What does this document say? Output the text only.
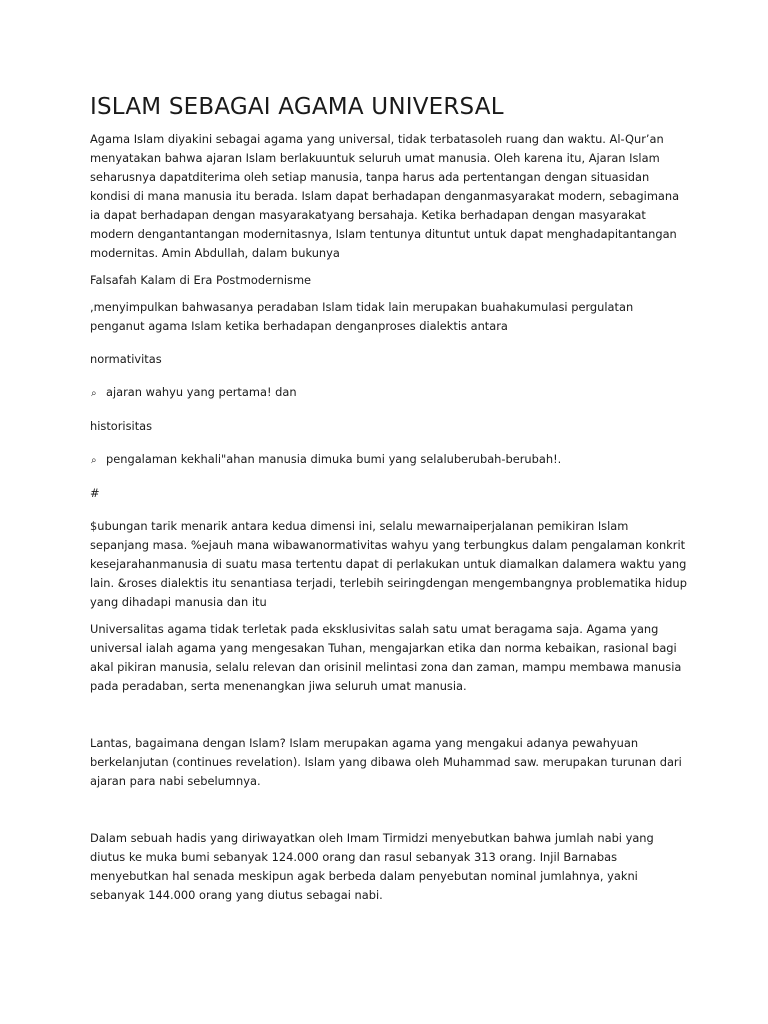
ISLAM SEBAGAI AGAMA UNIVERSAL

Agama Islam diyakini sebagai agama yang universal, tidak terbatasoleh ruang dan waktu. Al-Qur’an menyatakan bahwa ajaran Islam berlakuuntuk seluruh umat manusia. Oleh karena itu, Ajaran Islam seharusnya dapatditerima oleh setiap manusia, tanpa harus ada pertentangan dengan situasidan kondisi di mana manusia itu berada. Islam dapat berhadapan denganmasyarakat modern, sebagimana ia dapat berhadapan dengan masyarakatyang bersahaja. Ketika berhadapan dengan masyarakat modern dengantantangan modernitasnya, Islam tentunya dituntut untuk dapat menghadapitantangan modernitas. Amin Abdullah, dalam bukunya

Falsafah Kalam di Era Postmodernisme

,menyimpulkan bahwasanya peradaban Islam tidak lain merupakan buahakumulasi pergulatan penganut agama Islam ketika berhadapan denganproses dialektis antara

normativitas

⌕ ajaran wahyu yang pertama! dan

historisitas

⌕ pengalaman kekhali"ahan manusia dimuka bumi yang selaluberubah-berubah!.

#

$ubungan tarik menarik antara kedua dimensi ini, selalu mewarnaiperjalanan pemikiran Islam sepanjang masa. %ejauh mana wibawanormativitas wahyu yang terbungkus dalam pengalaman konkrit kesejarahanmanusia di suatu masa tertentu dapat di perlakukan untuk diamalkan dalamera waktu yang lain. &roses dialektis itu senantiasa terjadi, terlebih seiringdengan mengembangnya problematika hidup yang dihadapi manusia dan itu

Universalitas agama tidak terletak pada eksklusivitas salah satu umat beragama saja. Agama yang universal ialah agama yang mengesakan Tuhan, mengajarkan etika dan norma kebaikan, rasional bagi akal pikiran manusia, selalu relevan dan orisinil melintasi zona dan zaman, mampu membawa manusia pada peradaban, serta menenangkan jiwa seluruh umat manusia.

Lantas, bagaimana dengan Islam? Islam merupakan agama yang mengakui adanya pewahyuan berkelanjutan (continues revelation). Islam yang dibawa oleh Muhammad saw. merupakan turunan dari ajaran para nabi sebelumnya.

Dalam sebuah hadis yang diriwayatkan oleh Imam Tirmidzi menyebutkan bahwa jumlah nabi yang diutus ke muka bumi sebanyak 124.000 orang dan rasul sebanyak 313 orang. Injil Barnabas menyebutkan hal senada meskipun agak berbeda dalam penyebutan nominal jumlahnya, yakni sebanyak 144.000 orang yang diutus sebagai nabi.
